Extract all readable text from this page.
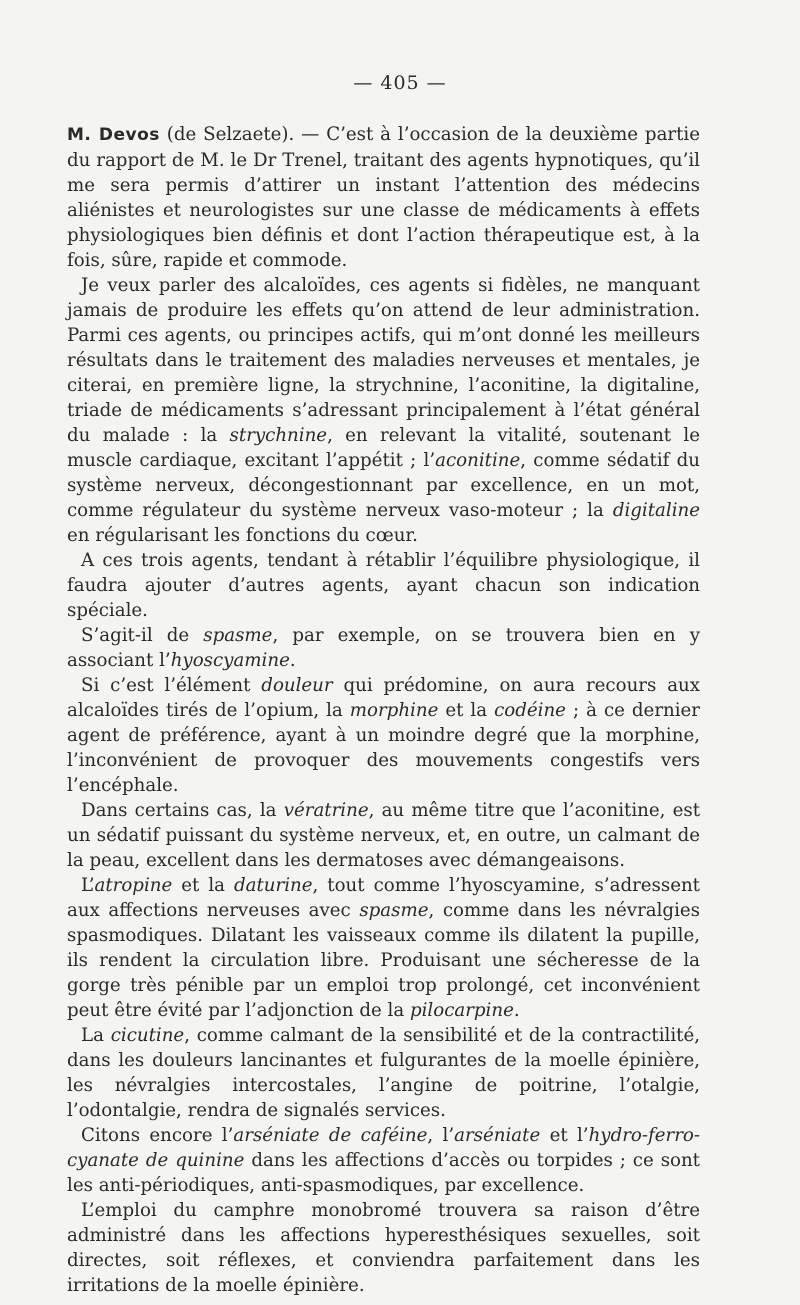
— 405 —

M. Devos (de Selzaete). — C’est à l’occasion de la deuxième partie du rapport de M. le Dr Trenel, traitant des agents hypnotiques, qu’il me sera permis d’attirer un instant l’attention des médecins aliénistes et neurologistes sur une classe de médicaments à effets physiologiques bien définis et dont l’action thérapeutique est, à la fois, sûre, rapide et commode.

Je veux parler des alcaloïdes, ces agents si fidèles, ne manquant jamais de produire les effets qu’on attend de leur administration. Parmi ces agents, ou principes actifs, qui m’ont donné les meilleurs résultats dans le traitement des maladies nerveuses et mentales, je citerai, en première ligne, la strychnine, l’aconitine, la digitaline, triade de médicaments s’adressant principalement à l’état général du malade : la strychnine, en relevant la vitalité, soutenant le muscle cardiaque, excitant l’appétit ; l’aconitine, comme sédatif du système nerveux, décongestionnant par excellence, en un mot, comme régulateur du système nerveux vaso-moteur ; la digitaline en régularisant les fonctions du cœur.

A ces trois agents, tendant à rétablir l’équilibre physiologique, il faudra ajouter d’autres agents, ayant chacun son indication spéciale.

S’agit-il de spasme, par exemple, on se trouvera bien en y associant l’hyoscyamine.

Si c’est l’élément douleur qui prédomine, on aura recours aux alcaloïdes tirés de l’opium, la morphine et la codéine ; à ce dernier agent de préférence, ayant à un moindre degré que la morphine, l’inconvénient de provoquer des mouvements congestifs vers l’encéphale.

Dans certains cas, la vératrine, au même titre que l’aconitine, est un sédatif puissant du système nerveux, et, en outre, un calmant de la peau, excellent dans les dermatoses avec démangeaisons.

L’atropine et la daturine, tout comme l’hyoscyamine, s’adressent aux affections nerveuses avec spasme, comme dans les névralgies spasmodiques. Dilatant les vaisseaux comme ils dilatent la pupille, ils rendent la circulation libre. Produisant une sécheresse de la gorge très pénible par un emploi trop prolongé, cet inconvénient peut être évité par l’adjonction de la pilocarpine.

La cicutine, comme calmant de la sensibilité et de la contractilité, dans les douleurs lancinantes et fulgurantes de la moelle épinière, les névralgies intercostales, l’angine de poitrine, l’otalgie, l’odontalgie, rendra de signalés services.

Citons encore l’arséniate de caféine, l’arséniate et l’hydro-ferro-cyanate de quinine dans les affections d’accès ou torpides ; ce sont les anti-périodiques, anti-spasmodiques, par excellence.

L’emploi du camphre monobromé trouvera sa raison d’être administré dans les affections hyperesthésiques sexuelles, soit directes, soit réflexes, et conviendra parfaitement dans les irritations de la moelle épinière.
